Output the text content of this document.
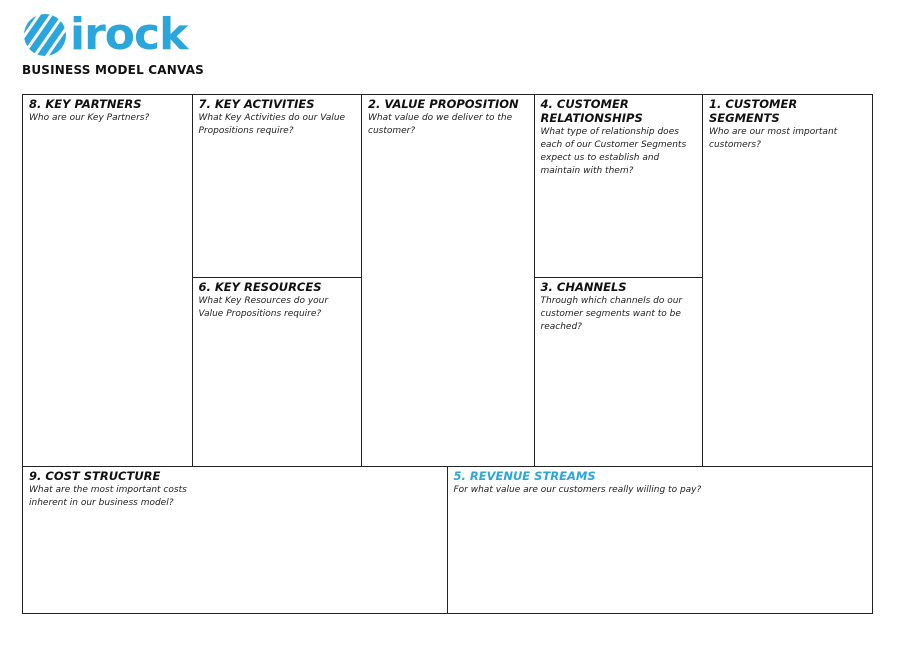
irock
BUSINESS MODEL CANVAS
8. KEY PARTNERS
Who are our Key Partners?
7. KEY ACTIVITIES
What Key Activities do our Value Propositions require?
6. KEY RESOURCES
What Key Resources do your Value Propositions require?
2. VALUE PROPOSITION
What value do we deliver to the customer?
4. CUSTOMER RELATIONSHIPS
What type of relationship does each of our Customer Segments expect us to establish and maintain with them?
3. CHANNELS
Through which channels do our customer segments want to be reached?
1. CUSTOMER SEGMENTS
Who are our most important customers?
9. COST STRUCTURE
What are the most important costs inherent in our business model?
5. REVENUE STREAMS
For what value are our customers really willing to pay?
